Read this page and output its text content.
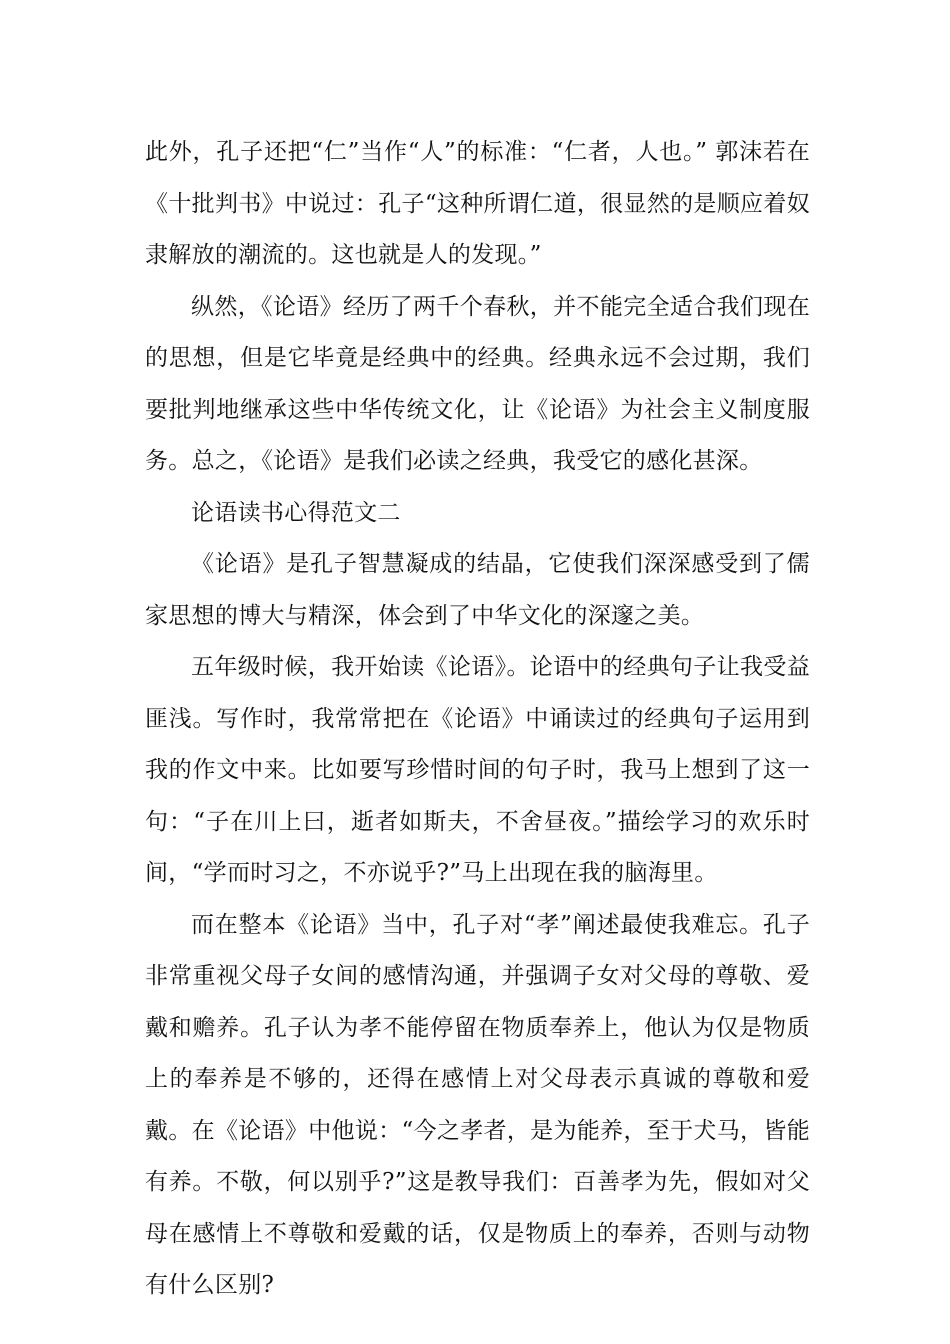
此外，孔子还把“仁”当作“人”的标准：“仁者，人也。” 郭沫若在《十批判书》中说过：孔子“这种所谓仁道，很显然的是顺应着奴隶解放的潮流的。这也就是人的发现。”

纵然，《论语》经历了两千个春秋，并不能完全适合我们现在的思想，但是它毕竟是经典中的经典。经典永远不会过期，我们要批判地继承这些中华传统文化，让《论语》为社会主义制度服务。总之，《论语》是我们必读之经典，我受它的感化甚深。

论语读书心得范文二

《论语》是孔子智慧凝成的结晶，它使我们深深感受到了儒家思想的博大与精深，体会到了中华文化的深邃之美。

五年级时候，我开始读《论语》。论语中的经典句子让我受益匪浅。写作时，我常常把在《论语》中诵读过的经典句子运用到我的作文中来。比如要写珍惜时间的句子时，我马上想到了这一句：“子在川上曰，逝者如斯夫，不舍昼夜。”描绘学习的欢乐时间，“学而时习之，不亦说乎?”马上出现在我的脑海里。

而在整本《论语》当中，孔子对“孝”阐述最使我难忘。孔子非常重视父母子女间的感情沟通，并强调子女对父母的尊敬、爱戴和赡养。孔子认为孝不能停留在物质奉养上，他认为仅是物质上的奉养是不够的，还得在感情上对父母表示真诚的尊敬和爱戴。在《论语》中他说：“今之孝者，是为能养，至于犬马，皆能有养。不敬，何以别乎?”这是教导我们：百善孝为先，假如对父母在感情上不尊敬和爱戴的话，仅是物质上的奉养，否则与动物有什么区别?
